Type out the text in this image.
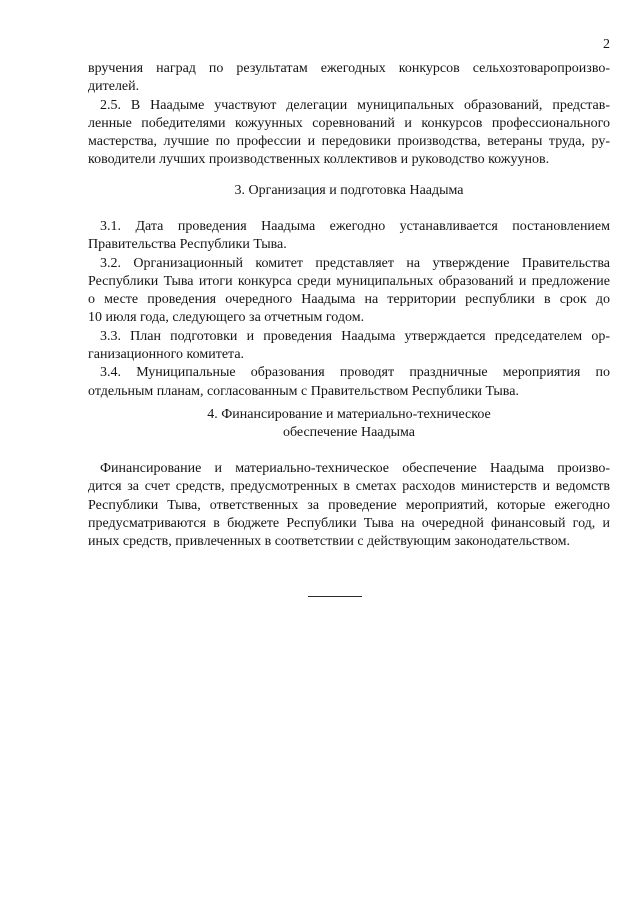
2
вручения наград по результатам ежегодных конкурсов сельхозтоваропроизво-
дителей.
2.5. В Наадыме участвуют делегации муниципальных образований, представ-
ленные победителями кожуунных соревнований и конкурсов профессионального
мастерства, лучшие по профессии и передовики производства, ветераны труда, ру-
ководители лучших производственных коллективов и руководство кожуунов.
3. Организация и подготовка Наадыма
3.1. Дата проведения Наадыма ежегодно устанавливается постановлением
Правительства Республики Тыва.
3.2. Организационный комитет представляет на утверждение Правительства
Республики Тыва итоги конкурса среди муниципальных образований и предложение
о месте проведения очередного Наадыма на территории республики в срок до
10 июля года, следующего за отчетным годом.
3.3. План подготовки и проведения Наадыма утверждается председателем ор-
ганизационного комитета.
3.4. Муниципальные образования проводят праздничные мероприятия по
отдельным планам, согласованным с Правительством Республики Тыва.
4. Финансирование и материально-техническое
обеспечение Наадыма
Финансирование и материально-техническое обеспечение Наадыма произво-
дится за счет средств, предусмотренных в сметах расходов министерств и ведомств
Республики Тыва, ответственных за проведение мероприятий, которые ежегодно
предусматриваются в бюджете Республики Тыва на очередной финансовый год, и
иных средств, привлеченных в соответствии с действующим законодательством.
